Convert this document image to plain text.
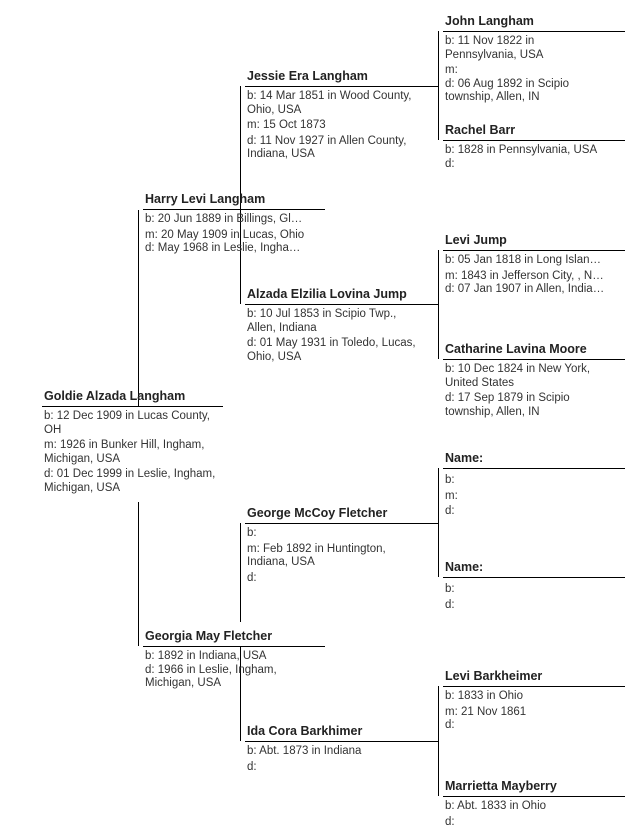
Goldie Alzada Langham
b: 12 Dec 1909 in Lucas County, OH
m: 1926 in Bunker Hill, Ingham, Michigan, USA
d: 01 Dec 1999 in Leslie, Ingham, Michigan, USA
Harry Levi Langham
b: 20 Jun 1889 in Billings, Gl…
m: 20 May 1909 in Lucas, Ohio
d: May 1968 in Leslie, Ingha…
Georgia May Fletcher
b: 1892 in Indiana, USA
d: 1966 in Leslie, Ingham, Michigan, USA
Jessie Era Langham
b: 14 Mar 1851 in Wood County, Ohio, USA
m: 15 Oct 1873
d: 11 Nov 1927 in Allen County, Indiana, USA
Alzada Elzilia Lovina Jump
b: 10 Jul 1853 in Scipio Twp., Allen, Indiana
d: 01 May 1931 in Toledo, Lucas, Ohio, USA
George McCoy Fletcher
b:
m: Feb 1892 in Huntington, Indiana, USA
d:
Ida Cora Barkhimer
b: Abt. 1873 in Indiana
d:
John Langham
b: 11 Nov 1822 in Pennsylvania, USA
m:
d: 06 Aug 1892 in Scipio township, Allen, IN
Rachel Barr
b: 1828 in Pennsylvania, USA
d:
Levi Jump
b: 05 Jan 1818 in Long Islan…
m: 1843 in Jefferson City, , N…
d: 07 Jan 1907 in Allen, India…
Catharine Lavina Moore
b: 10 Dec 1824 in New York, United States
d: 17 Sep 1879 in Scipio township, Allen, IN
Name:
b:
m:
d:
Name:
b:
d:
Levi Barkheimer
b: 1833 in Ohio
m: 21 Nov 1861
d:
Marrietta Mayberry
b: Abt. 1833 in Ohio
d:
